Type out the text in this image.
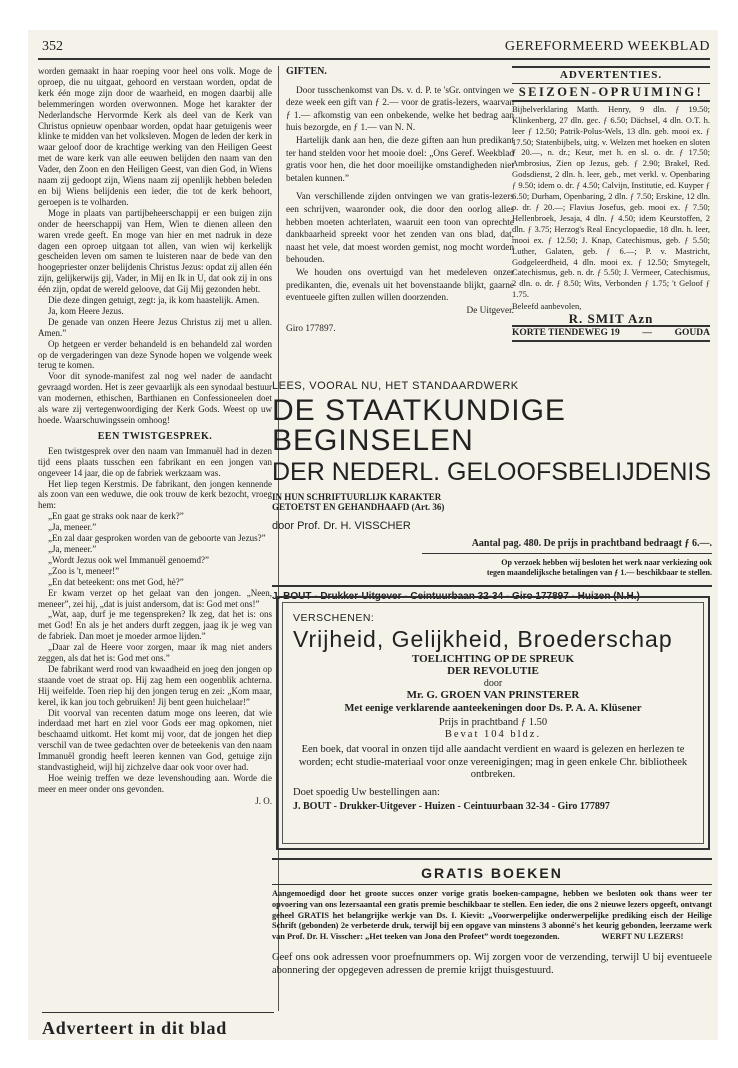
352	GEREFORMEERD WEEKBLAD

worden gemaakt in haar roeping voor heel ons volk. Moge de oproep, die nu uitgaat, gehoord en verstaan worden, opdat de kerk één moge zijn door de waarheid, en mogen daarbij alle belemmeringen worden overwonnen. Moge het karakter der Nederlandsche Hervormde Kerk als deel van de Kerk van Christus opnieuw openbaar worden, opdat haar getuigenis weer klinke te midden van het volksleven. Mogen de leden der kerk in waar geloof door de krachtige werking van den Heiligen Geest met de ware kerk van alle eeuwen belijden den naam van den Vader, den Zoon en den Heiligen Geest, van dien God, in Wiens naam zij gedoopt zijn, Wiens naam zij openlijk hebben beleden en bij Wiens belijdenis een ieder, die tot de kerk behoort, geroepen is te volharden.

Moge in plaats van partijbeheerschappij er een buigen zijn onder de heerschappij van Hem, Wien te dienen alleen den waren vrede geeft. En moge van hier en met nadruk in deze dagen een oproep uitgaan tot allen, van wien wij kerkelijk gescheiden leven om samen te luisteren naar de bede van den hoogepriester onzer belijdenis Christus Jezus: opdat zij allen één zijn, gelijkerwijs gij, Vader, in Mij en Ik in U, dat ook zij in ons één zijn, opdat de wereld geloove, dat Gij Mij gezonden hebt.

Die deze dingen getuigt, zegt: ja, ik kom haastelijk. Amen.

Ja, kom Heere Jezus.

De genade van onzen Heere Jezus Christus zij met u allen. Amen.”

Op hetgeen er verder behandeld is en behandeld zal worden op de vergaderingen van deze Synode hopen we volgende week terug te komen.

Voor dit synode-manifest zal nog wel nader de aandacht gevraagd worden. Het is zeer gevaarlijk als een synodaal bestuur van modernen, ethischen, Barthianen en Confessioneelen doet als ware zij vertegenwoordiging der Kerk Gods. Weest op uw hoede. Waarschuwingssein omhoog!

EEN TWISTGESPREK.

Een twistgesprek over den naam van Immanuël had in dezen tijd eens plaats tusschen een fabrikant en een jongen van ongeveer 14 jaar, die op de fabriek werkzaam was.

Het liep tegen Kerstmis. De fabrikant, den jongen kennende als zoon van een weduwe, die ook trouw de kerk bezocht, vroeg hem:

„En gaat ge straks ook naar de kerk?”

„Ja, meneer.”

„En zal daar gesproken worden van de geboorte van Jezus?”

„Ja, meneer.”

„Wordt Jezus ook wel Immanuël genoemd?”

„Zoo is 't, meneer!”

„En dat beteekent: ons met God, hè?”

Er kwam verzet op het gelaat van den jongen. „Neen, meneer”, zei hij, „dat is juist andersom, dat is: God met ons!”

„Wat, aap, durf je me tegenspreken? Ik zeg, dat het is: ons met God! En als je het anders durft zeggen, jaag ik je weg van de fabriek. Dan moet je moeder armoe lijden.”

„Daar zal de Heere voor zorgen, maar ik mag niet anders zeggen, als dat het is: God met ons.”

De fabrikant werd rood van kwaadheid en joeg den jongen op staande voet de straat op. Hij zag hem een oogenblik achterna. Hij weifelde. Toen riep hij den jongen terug en zei: „Kom maar, kerel, ik kan jou toch gebruiken! Jij bent geen huichelaar!”

Dit voorval van recenten datum moge ons leeren, dat wie inderdaad met hart en ziel voor Gods eer mag opkomen, niet beschaamd uitkomt. Het komt mij voor, dat de jongen het diep verschil van de twee gedachten over de beteekenis van den naam Immanuël grondig heeft leeren kennen van God, getuige zijn standvastigheid, wijl hij zichzelve daar ook voor over had.

Hoe weinig treffen we deze levenshouding aan. Worde die meer en meer onder ons gevonden.

J. O.
Adverteert in dit blad
GIFTEN.

Door tusschenkomst van Ds. v. d. P. te 'sGr. ontvingen we deze week een gift van ƒ 2.— voor de gratis-lezers, waarvan ƒ 1.— afkomstig van een onbekende, welke het bedrag aan huis bezorgde, en ƒ 1.— van N. N.

Hartelijk dank aan hen, die deze giften aan hun predikant ter hand stelden voor het mooie doel: „Ons Geref. Weekblad gratis voor hen, die het door moeilijke omstandigheden niet betalen kunnen.”

Van verschillende zijden ontvingen we van gratis-lezers een schrijven, waaronder ook, die door den oorlog alles hebben moeten achterlaten, waaruit een toon van oprechte dankbaarheid spreekt voor het zenden van ons blad, dat, naast het vele, dat moest worden gemist, nog mocht worden behouden.

We houden ons overtuigd van het medeleven onzer predikanten, die, evenals uit het bovenstaande blijkt, gaarne eventueele giften zullen willen doorzenden.

De Uitgever.
Giro 177897.
ADVERTENTIES.
SEIZOEN-OPRUIMING!
Bijbelverklaring Matth. Henry, 9 dln. ƒ 19.50; Klinkenberg, 27 dln. gec. ƒ 6.50; Dächsel, 4 dln. O.T. h. leer ƒ 12.50; Patrik-Polus-Wels, 13 dln. geb. mooi ex. ƒ 17.50; Statenbijbels, uitg. v. Welzen met hoeken en sloten ƒ 20.—, n. dr.; Keur, met h. en sl. o. dr. ƒ 17.50; Ambrosius, Zien op Jezus, geb. ƒ 2.90; Brakel, Red. Godsdienst, 2 dln. h. leer, geb., met verkl. v. Openbaring ƒ 9.50; idem o. dr. ƒ 4.50; Calvijn, Institutie, ed. Kuyper ƒ 6.50; Durham, Openbaring, 2 dln. ƒ 7.50; Erskine, 12 dln. o. dr. ƒ 20.—; Flavius Josefus, geb. mooi ex. ƒ 7.50; Hellenbroek, Jesaja, 4 dln. ƒ 4.50; idem Keurstoffen, 2 dln. ƒ 3.75; Herzog's Real Encyclopaedie, 18 dln. h. leer, mooi ex. ƒ 12.50; J. Knap, Catechismus, geb. ƒ 5.50; Luther, Galaten, geb. ƒ 6.—; P. v. Mastricht, Godgeleerdheid, 4 dln. mooi ex. ƒ 12.50; Smytegelt, Catechismus, geb. n. dr. ƒ 5.50; J. Vermeer, Catechismus, 2 dln. o. dr. ƒ 8.50; Wits, Verbonden ƒ 1.75; 't Geloof ƒ 1.75.
Beleefd aanbevolen,
R. SMIT Azn
KORTE TIENDEWEG 19 — GOUDA
LEES, VOORAL NU, HET STANDAARDWERK
DE STAATKUNDIGE BEGINSELEN
DER NEDERL. GELOOFSBELIJDENIS
IN HUN SCHRIFTUURLIJK KARAKTER
GETOETST EN GEHANDHAAFD (Art. 36)
door Prof. Dr. H. VISSCHER
Aantal pag. 480. De prijs in prachtband bedraagt ƒ 6.—.
Op verzoek hebben wij besloten het werk naar verkiezing ook
tegen maandelijksche betalingen van ƒ 1.— beschikbaar te stellen.
J. BOUT - Drukker-Uitgever - Ceintuurbaan 32-34 - Giro 177897 - Huizen (N.H.)
VERSCHENEN:
Vrijheid, Gelijkheid, Broederschap
TOELICHTING OP DE SPREUK
DER REVOLUTIE
door
Mr. G. GROEN VAN PRINSTERER
Met eenige verklarende aanteekeningen door Ds. P. A. A. Klüsener
Prijs in prachtband ƒ 1.50
Bevat 104 bldz.
Een boek, dat vooral in onzen tijd alle aandacht verdient en waard is gelezen en herlezen te worden; echt studie-materiaal voor onze vereenigingen; mag in geen enkele Chr. bibliotheek ontbreken.
Doet spoedig Uw bestellingen aan:
J. BOUT - Drukker-Uitgever - Huizen - Ceintuurbaan 32-34 - Giro 177897
GRATIS BOEKEN
Aangemoedigd door het groote succes onzer vorige gratis boeken-campagne, hebben we besloten ook thans weer ter opvoering van ons lezersaantal een gratis premie beschikbaar te stellen. Een ieder, die ons 2 nieuwe lezers opgeeft, ontvangt geheel GRATIS het belangrijke werkje van Ds. I. Kievit: „Voorwerpelijke onderwerpelijke prediking eisch der Heilige Schrift (gebonden) 2e verbeterde druk, terwijl bij een opgave van minstens 3 abonné's het keurig gebonden, leerzame werk van Prof. Dr. H. Visscher: „Het teeken van Jona den Profeet” wordt toegezonden.	WERFT NU LEZERS!
Geef ons ook adressen voor proefnummers op. Wij zorgen voor de verzending, terwijl U bij eventueele abonnering der opgegeven adressen de premie krijgt thuisgestuurd.
